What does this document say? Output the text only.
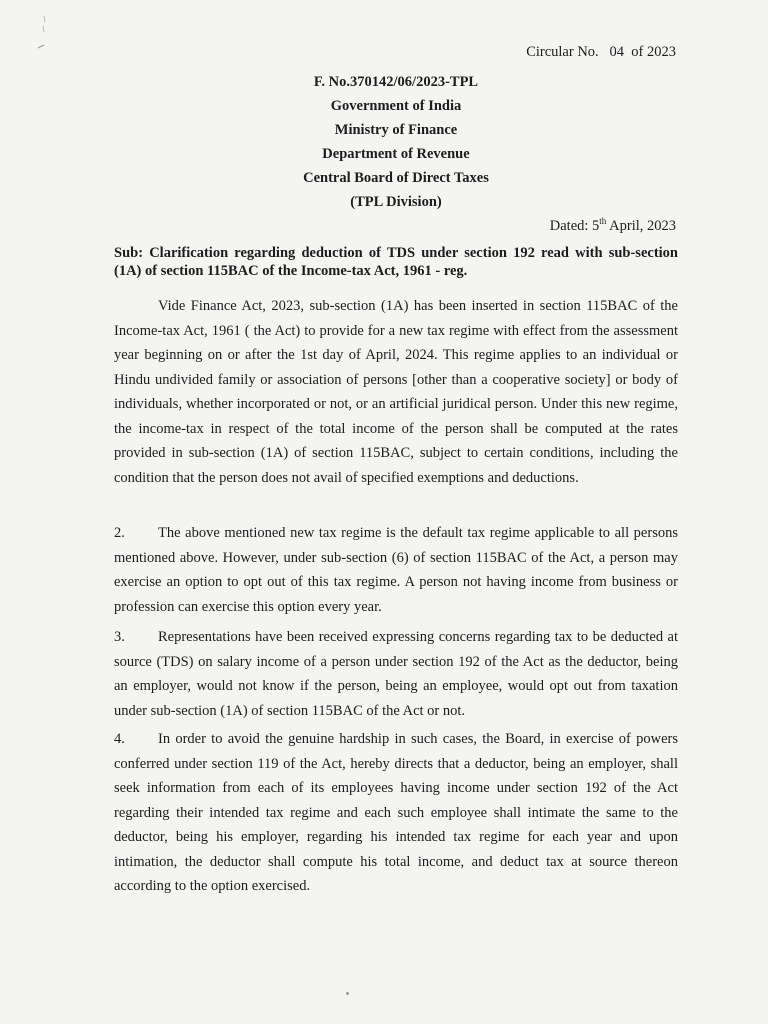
Circular No.   04  of 2023
F. No.370142/06/2023-TPL
Government of India
Ministry of Finance
Department of Revenue
Central Board of Direct Taxes
(TPL Division)
Dated: 5th April, 2023
Sub: Clarification regarding deduction of TDS under section 192 read with sub-section (1A) of section 115BAC of the Income-tax Act, 1961 - reg.
Vide Finance Act, 2023, sub-section (1A) has been inserted in section 115BAC of the Income-tax Act, 1961 ( the Act) to provide for a new tax regime with effect from the assessment year beginning on or after the 1st day of April, 2024. This regime applies to an individual or Hindu undivided family or association of persons [other than a cooperative society] or body of individuals, whether incorporated or not, or an artificial juridical person. Under this new regime, the income-tax in respect of the total income of the person shall be computed at the rates provided in sub-section (1A) of section 115BAC, subject to certain conditions, including the condition that the person does not avail of specified exemptions and deductions.
2. The above mentioned new tax regime is the default tax regime applicable to all persons mentioned above. However, under sub-section (6) of section 115BAC of the Act, a person may exercise an option to opt out of this tax regime. A person not having income from business or profession can exercise this option every year.
3. Representations have been received expressing concerns regarding tax to be deducted at source (TDS) on salary income of a person under section 192 of the Act as the deductor, being an employer, would not know if the person, being an employee, would opt out from taxation under sub-section (1A) of section 115BAC of the Act or not.
4. In order to avoid the genuine hardship in such cases, the Board, in exercise of powers conferred under section 119 of the Act, hereby directs that a deductor, being an employer, shall seek information from each of its employees having income under section 192 of the Act regarding their intended tax regime and each such employee shall intimate the same to the deductor, being his employer, regarding his intended tax regime for each year and upon intimation, the deductor shall compute his total income, and deduct tax at source thereon according to the option exercised.
